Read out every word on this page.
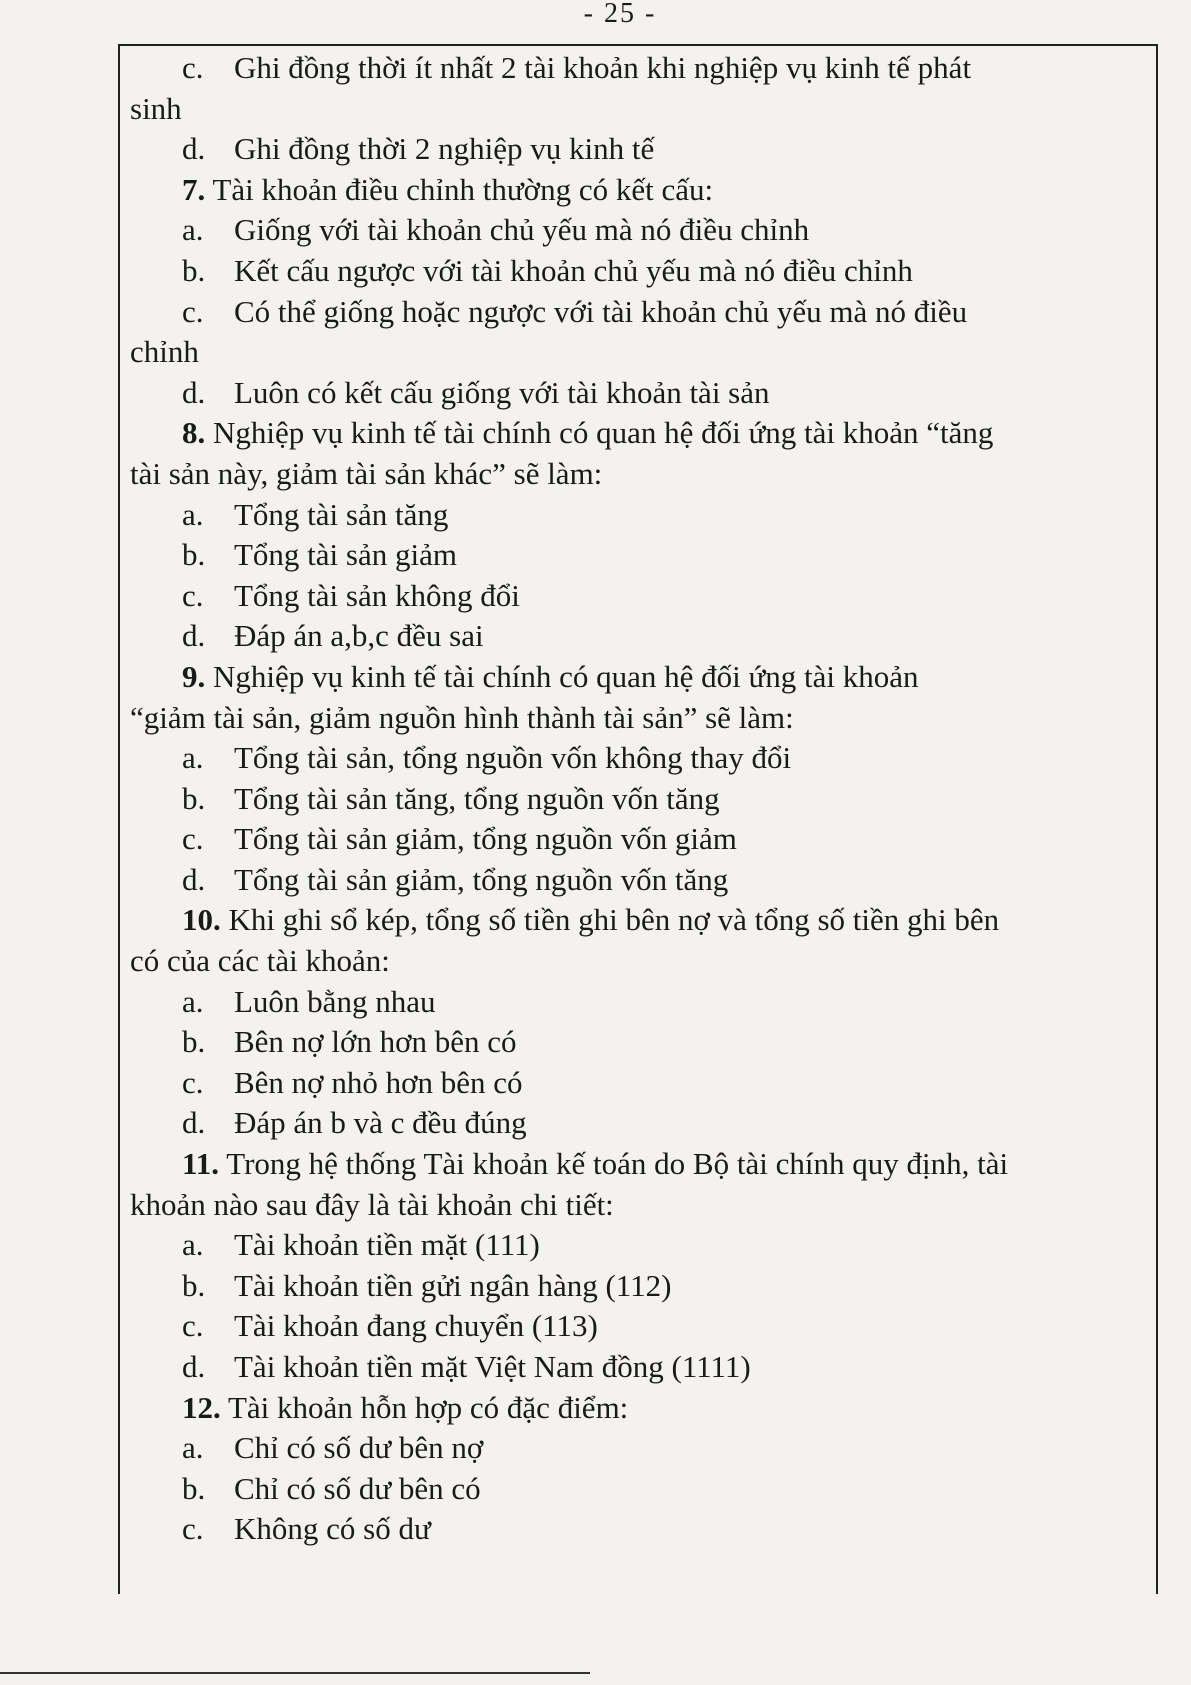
- 25 -
c. Ghi đồng thời ít nhất 2 tài khoản khi nghiệp vụ kinh tế phát
sinh
d. Ghi đồng thời 2 nghiệp vụ kinh tế
7. Tài khoản điều chỉnh thường có kết cấu:
a. Giống với tài khoản chủ yếu mà nó điều chỉnh
b. Kết cấu ngược với tài khoản chủ yếu mà nó điều chỉnh
c. Có thể giống hoặc ngược với tài khoản chủ yếu mà nó điều
chỉnh
d. Luôn có kết cấu giống với tài khoản tài sản
8. Nghiệp vụ kinh tế tài chính có quan hệ đối ứng tài khoản “tăng
tài sản này, giảm tài sản khác” sẽ làm:
a. Tổng tài sản tăng
b. Tổng tài sản giảm
c. Tổng tài sản không đổi
d. Đáp án a,b,c đều sai
9. Nghiệp vụ kinh tế tài chính có quan hệ đối ứng tài khoản
“giảm tài sản, giảm nguồn hình thành tài sản” sẽ làm:
a. Tổng tài sản, tổng nguồn vốn không thay đổi
b. Tổng tài sản tăng, tổng nguồn vốn tăng
c. Tổng tài sản giảm, tổng nguồn vốn giảm
d. Tổng tài sản giảm, tổng nguồn vốn tăng
10. Khi ghi sổ kép, tổng số tiền ghi bên nợ và tổng số tiền ghi bên
có của các tài khoản:
a. Luôn bằng nhau
b. Bên nợ lớn hơn bên có
c. Bên nợ nhỏ hơn bên có
d. Đáp án b và c đều đúng
11. Trong hệ thống Tài khoản kế toán do Bộ tài chính quy định, tài
khoản nào sau đây là tài khoản chi tiết:
a. Tài khoản tiền mặt (111)
b. Tài khoản tiền gửi ngân hàng (112)
c. Tài khoản đang chuyển (113)
d. Tài khoản tiền mặt Việt Nam đồng (1111)
12. Tài khoản hỗn hợp có đặc điểm:
a. Chỉ có số dư bên nợ
b. Chỉ có số dư bên có
c. Không có số dư
